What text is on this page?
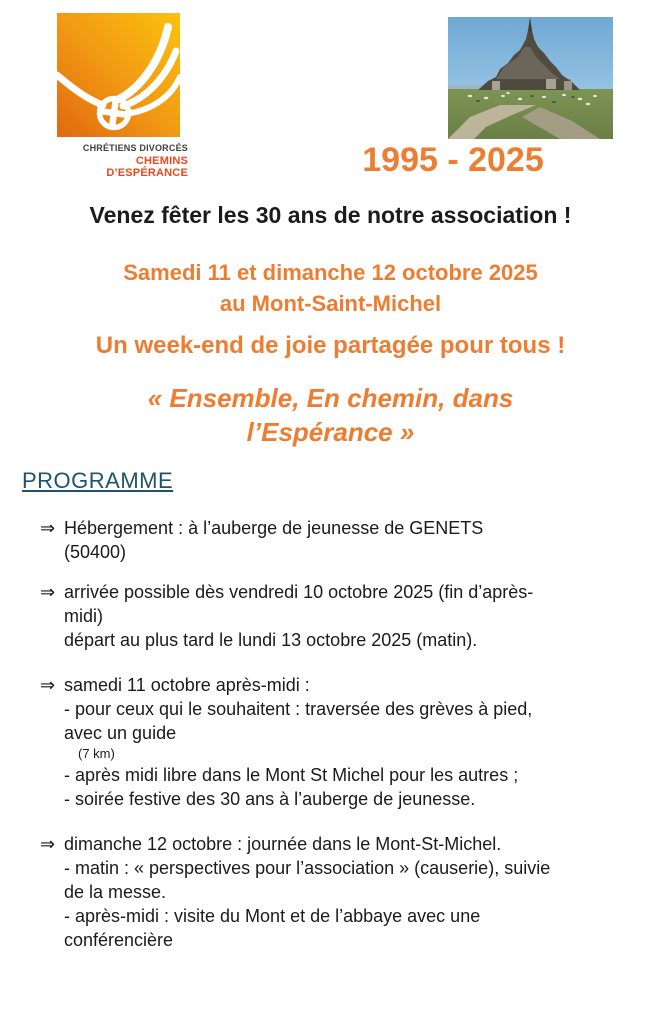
CHRÉTIENS DIVORCÉS
CHEMINS D’ESPÉRANCE	1995 - 2025
Venez fêter les 30 ans de notre association !
Samedi 11 et dimanche 12 octobre 2025
au Mont-Saint-Michel
Un week-end de joie partagée pour tous !
« Ensemble, En chemin, dans
l’Espérance »
PROGRAMME
⇒ Hébergement : à l’auberge de jeunesse de GENETS
(50400)
⇒ arrivée possible dès vendredi 10 octobre 2025 (fin d’après-
midi)
départ au plus tard le lundi 13 octobre 2025 (matin).
⇒ samedi 11 octobre après-midi :
- pour ceux qui le souhaitent : traversée des grèves à pied,
avec un guide
(7 km)
- après midi libre dans le Mont St Michel pour les autres ;
- soirée festive des 30 ans à l’auberge de jeunesse.
⇒ dimanche 12 octobre : journée dans le Mont-St-Michel.
- matin : « perspectives pour l’association » (causerie), suivie
de la messe.
- après-midi : visite du Mont et de l’abbaye avec une
conférencière
